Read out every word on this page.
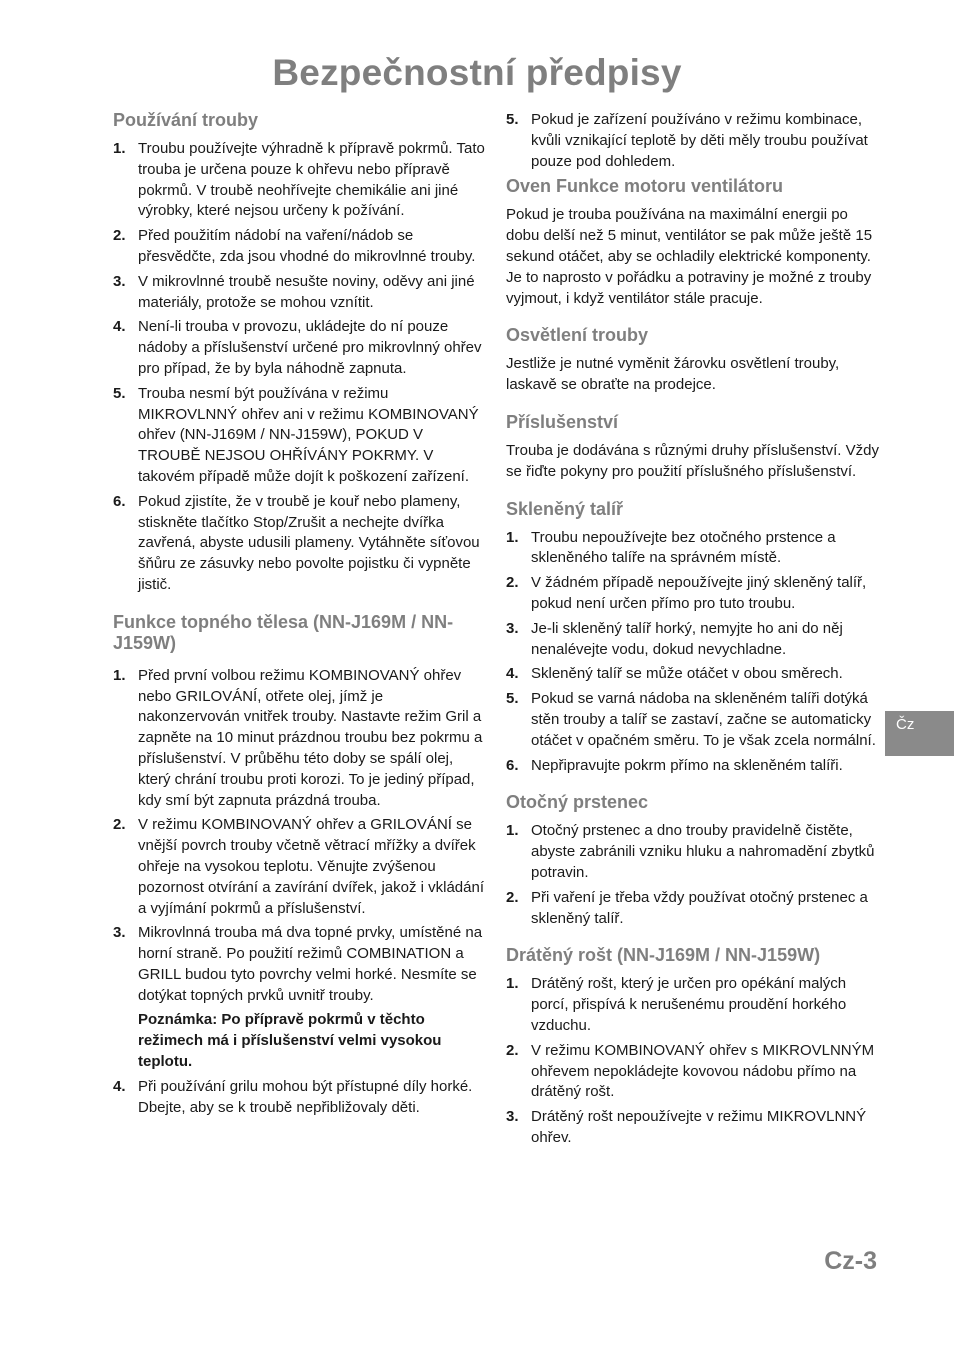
Bezpečnostní předpisy
Používání trouby
1. Troubu používejte výhradně k přípravě pokrmů. Tato trouba je určena pouze k ohřevu nebo přípravě pokrmů. V troubě neohřívejte chemikálie ani jiné výrobky, které nejsou určeny k požívání.
2. Před použitím nádobí na vaření/nádob se přesvědčte, zda jsou vhodné do mikrovlnné trouby.
3. V mikrovlnné troubě nesušte noviny, oděvy ani jiné materiály, protože se mohou vznítit.
4. Není-li trouba v provozu, ukládejte do ní pouze nádoby a příslušenství určené pro mikrovlnný ohřev pro případ, že by byla náhodně zapnuta.
5. Trouba nesmí být používána v režimu MIKROVLNNÝ ohřev ani v režimu KOMBINOVANÝ ohřev (NN-J169M / NN-J159W), POKUD V TROUBĚ NEJSOU OHŘÍVÁNY POKRMY. V takovém případě může dojít k poškození zařízení.
6. Pokud zjistíte, že v troubě je kouř nebo plameny, stiskněte tlačítko Stop/Zrušit a nechejte dvířka zavřená, abyste udusili plameny. Vytáhněte síťovou šňůru ze zásuvky nebo povolte pojistku či vypněte jistič.
Funkce topného tělesa (NN-J169M / NN-J159W)
1. Před první volbou režimu KOMBINOVANÝ ohřev nebo GRILOVÁNÍ, otřete olej, jímž je nakonzervován vnitřek trouby. Nastavte režim Gril a zapněte na 10 minut prázdnou troubu bez pokrmu a příslušenství. V průběhu této doby se spálí olej, který chrání troubu proti korozi. To je jediný případ, kdy smí být zapnuta prázdná trouba.
2. V režimu KOMBINOVANÝ ohřev a GRILOVÁNÍ se vnější povrch trouby včetně větrací mřížky a dvířek ohřeje na vysokou teplotu. Věnujte zvýšenou pozornost otvírání a zavírání dvířek, jakož i vkládání a vyjímání pokrmů a příslušenství.
3. Mikrovlnná trouba má dva topné prvky, umístěné na horní straně. Po použití režimů COMBINATION a GRILL budou tyto povrchy velmi horké. Nesmíte se dotýkat topných prvků uvnitř trouby.

Poznámka: Po přípravě pokrmů v těchto režimech má i příslušenství velmi vysokou teplotu.

4. Při používání grilu mohou být přístupné díly horké. Dbejte, aby se k troubě nepřibližovaly děti.
5. Pokud je zařízení používáno v režimu kombinace, kvůli vznikající teplotě by děti měly troubu používat pouze pod dohledem.
Oven Funkce motoru ventilátoru

Pokud je trouba používána na maximální energii po dobu delší než 5 minut, ventilátor se pak může ještě 15 sekund otáčet, aby se ochladily elektrické komponenty. Je to naprosto v pořádku a potraviny je možné z trouby vyjmout, i když ventilátor stále pracuje.

Osvětlení trouby

Jestliže je nutné vyměnit žárovku osvětlení trouby, laskavě se obraťte na prodejce.

Příslušenství

Trouba je dodávána s různými druhy příslušenství. Vždy se řiďte pokyny pro použití příslušného příslušenství.

Skleněný talíř
1. Troubu nepoužívejte bez otočného prstence a skleněného talíře na správném místě.
2. V žádném případě nepoužívejte jiný skleněný talíř, pokud není určen přímo pro tuto troubu.
3. Je-li skleněný talíř horký, nemyjte ho ani do něj nenalévejte vodu, dokud nevychladne.
4. Skleněný talíř se může otáčet v obou směrech.
5. Pokud se varná nádoba na skleněném talíři dotýká stěn trouby a talíř se zastaví, začne se automaticky otáčet v opačném směru. To je však zcela normální.
6. Nepřipravujte pokrm přímo na skleněném talíři.
Otočný prstenec
1. Otočný prstenec a dno trouby pravidelně čistěte, abyste zabránili vzniku hluku a nahromadění zbytků potravin.
2. Při vaření je třeba vždy používat otočný prstenec a skleněný talíř.
Drátěný rošt (NN-J169M / NN-J159W)
1. Drátěný rošt, který je určen pro opékání malých porcí, přispívá k nerušenému proudění horkého vzduchu.
2. V režimu KOMBINOVANÝ ohřev s MIKROVLNNÝM ohřevem nepokládejte kovovou nádobu přímo na drátěný rošt.
3. Drátěný rošt nepoužívejte v režimu MIKROVLNNÝ ohřev.
Čz
Cz-3
